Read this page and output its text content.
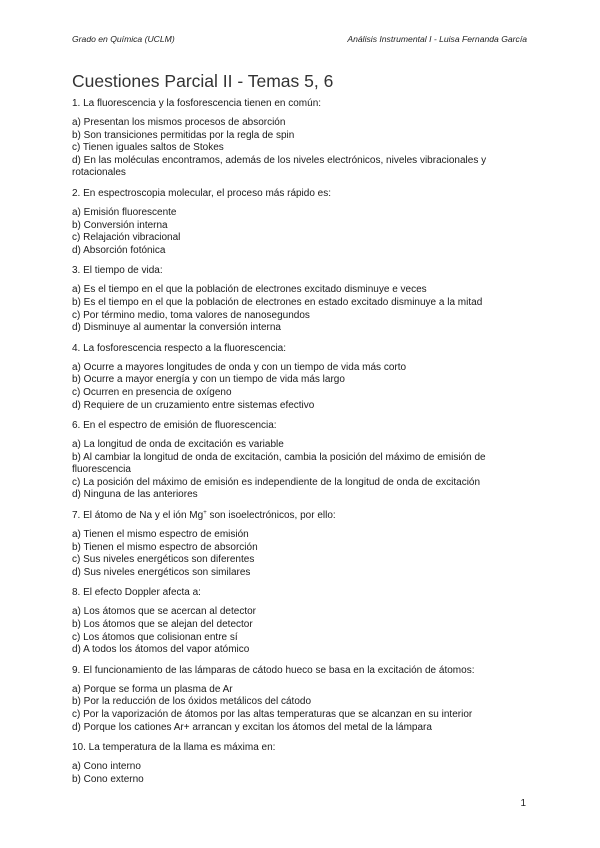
Grado en Química (UCLM)	Análisis Instrumental I - Luisa Fernanda García
Cuestiones Parcial II - Temas 5, 6
1. La fluorescencia y la fosforescencia tienen en común:
a) Presentan los mismos procesos de absorción
b) Son transiciones permitidas por la regla de spin
c) Tienen iguales saltos de Stokes
d) En las moléculas encontramos, además de los niveles electrónicos, niveles vibracionales y rotacionales
2. En espectroscopia molecular, el proceso más rápido es:
a) Emisión fluorescente
b) Conversión interna
c) Relajación vibracional
d) Absorción fotónica
3. El tiempo de vida:
a) Es el tiempo en el que la población de electrones excitado disminuye e veces
b) Es el tiempo en el que la población de electrones en estado excitado disminuye a la mitad
c) Por término medio, toma valores de nanosegundos
d) Disminuye al aumentar la conversión interna
4. La fosforescencia respecto a la fluorescencia:
a) Ocurre a mayores longitudes de onda y con un tiempo de vida más corto
b) Ocurre a mayor energía y con un tiempo de vida más largo
c) Ocurren en presencia de oxígeno
d) Requiere de un cruzamiento entre sistemas efectivo
6. En el espectro de emisión de fluorescencia:
a) La longitud de onda de excitación es variable
b) Al cambiar la longitud de onda de excitación, cambia la posición del máximo de emisión de fluorescencia
c) La posición del máximo de emisión es independiente de la longitud de onda de excitación
d) Ninguna de las anteriores
7. El átomo de Na y el ión Mg+ son isoelectrónicos, por ello:
a) Tienen el mismo espectro de emisión
b) Tienen el mismo espectro de absorción
c) Sus niveles energéticos son diferentes
d) Sus niveles energéticos son similares
8. El efecto Doppler afecta a:
a) Los átomos que se acercan al detector
b) Los átomos que se alejan del detector
c) Los átomos que colisionan entre sí
d) A todos los átomos del vapor atómico
9. El funcionamiento de las lámparas de cátodo hueco se basa en la excitación de átomos:
a) Porque se forma un plasma de Ar
b) Por la reducción de los óxidos metálicos del cátodo
c) Por la vaporización de átomos por las altas temperaturas que se alcanzan en su interior
d) Porque los cationes Ar+ arrancan y excitan los átomos del metal de la lámpara
10. La temperatura de la llama es máxima en:
a) Cono interno
b) Cono externo
1
